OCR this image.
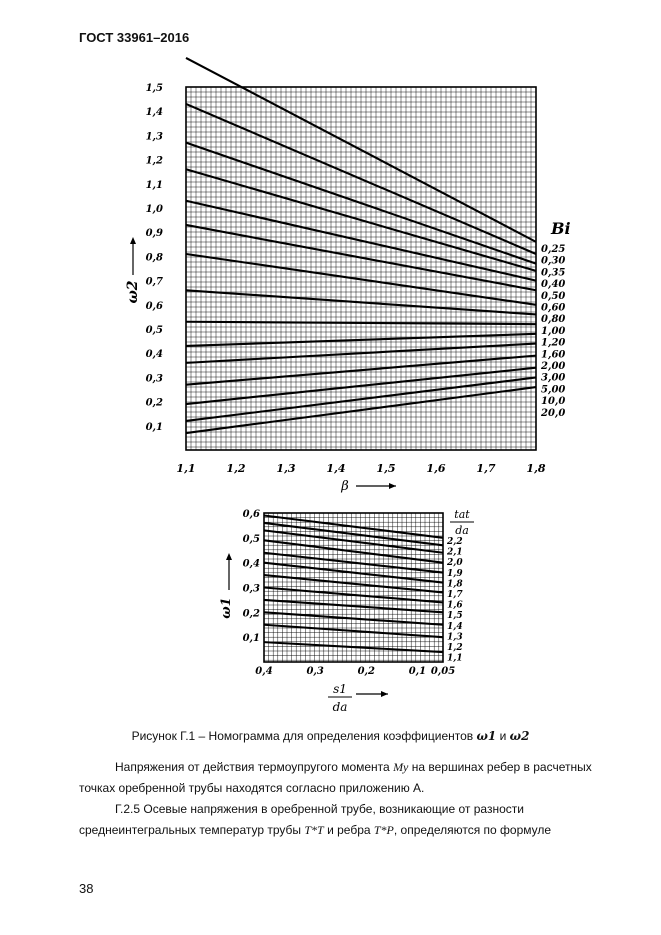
ГОСТ 33961–2016
1,1	1,2	1,3	1,4	1,5	1,6	1,7	1,8
0,1
0,2
0,3
0,4
0,5
0,6
0,7
0,8
0,9
1,0
1,1
1,2
1,3
1,4
1,5
β
ω2
Bi
0,25
0,30
0,35
0,40
0,50
0,60
0,80
1,00
1,20
1,60
2,00
3,00
5,00
10,0
20,0
0,4	0,3	0,2	0,1 0,05
0,1
0,2
0,3
0,4
0,5
0,6
s1
da
ω1
tat
da
2,2
2,1
2,0
1,9
1,8
1,7
1,6
1,5
1,4
1,3
1,2
1,1
Рисунок Г.1 – Номограмма для определения коэффициентов ω1 и ω2
Напряжения от действия термоупругого момента My на вершинах ребер в расчетных точках оребренной трубы находятся согласно приложению А.
Г.2.5 Осевые напряжения в оребренной трубе, возникающие от разности среднеинтегральных температур трубы T*T и ребра T*P, определяются по формуле
38
